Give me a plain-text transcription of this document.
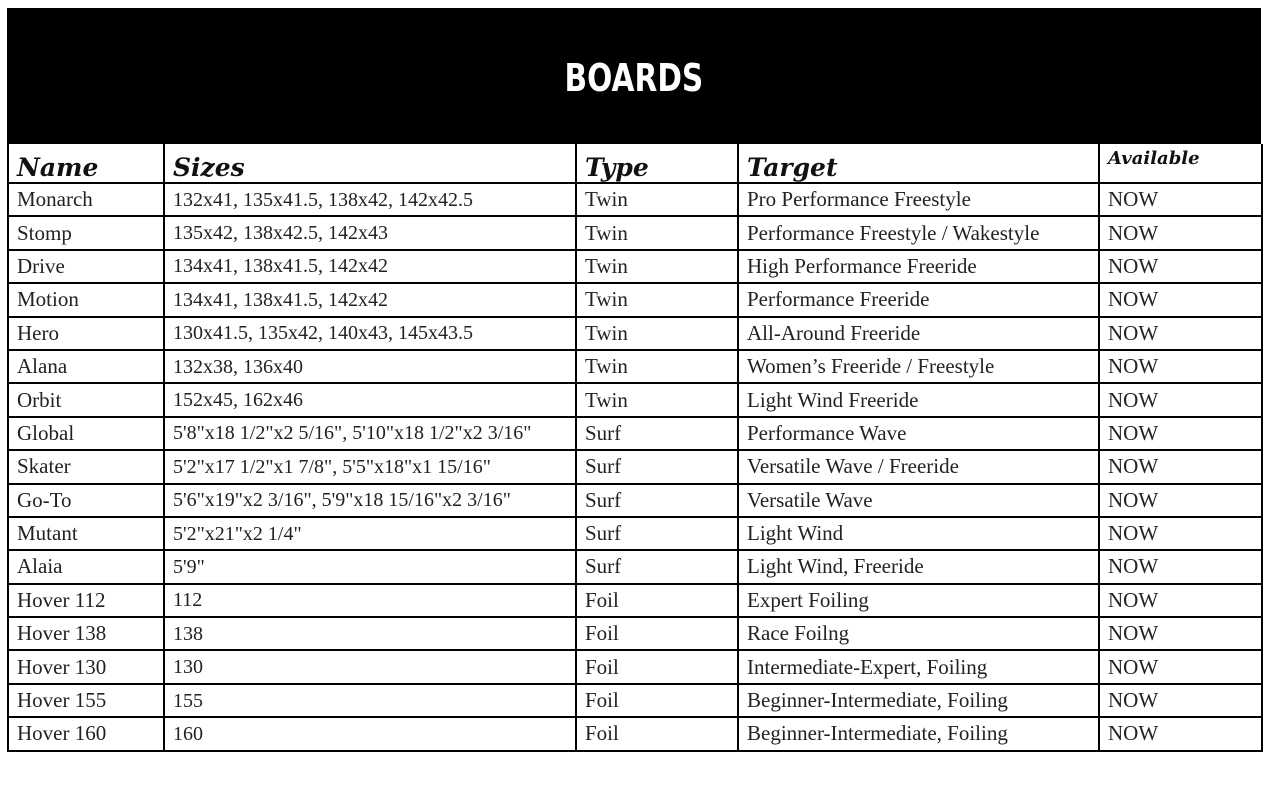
BOARDS
Name	Sizes	Type	Target	Available
Monarch	132x41, 135x41.5, 138x42, 142x42.5	Twin	Pro Performance Freestyle	NOW
Stomp	135x42, 138x42.5, 142x43	Twin	Performance Freestyle / Wakestyle	NOW
Drive	134x41, 138x41.5, 142x42	Twin	High Performance Freeride	NOW
Motion	134x41, 138x41.5, 142x42	Twin	Performance Freeride	NOW
Hero	130x41.5, 135x42, 140x43, 145x43.5	Twin	All-Around Freeride	NOW
Alana	132x38, 136x40	Twin	Women’s Freeride / Freestyle	NOW
Orbit	152x45, 162x46	Twin	Light Wind Freeride	NOW
Global	5'8"x18 1/2"x2 5/16", 5'10"x18 1/2"x2 3/16"	Surf	Performance Wave	NOW
Skater	5'2"x17 1/2"x1 7/8", 5'5"x18"x1 15/16"	Surf	Versatile Wave / Freeride	NOW
Go-To	5'6"x19"x2 3/16", 5'9"x18 15/16"x2 3/16"	Surf	Versatile Wave	NOW
Mutant	5'2"x21"x2 1/4"	Surf	Light Wind	NOW
Alaia	5'9"	Surf	Light Wind, Freeride	NOW
Hover 112	112	Foil	Expert Foiling	NOW
Hover 138	138	Foil	Race Foilng	NOW
Hover 130	130	Foil	Intermediate-Expert, Foiling	NOW
Hover 155	155	Foil	Beginner-Intermediate, Foiling	NOW
Hover 160	160	Foil	Beginner-Intermediate, Foiling	NOW
